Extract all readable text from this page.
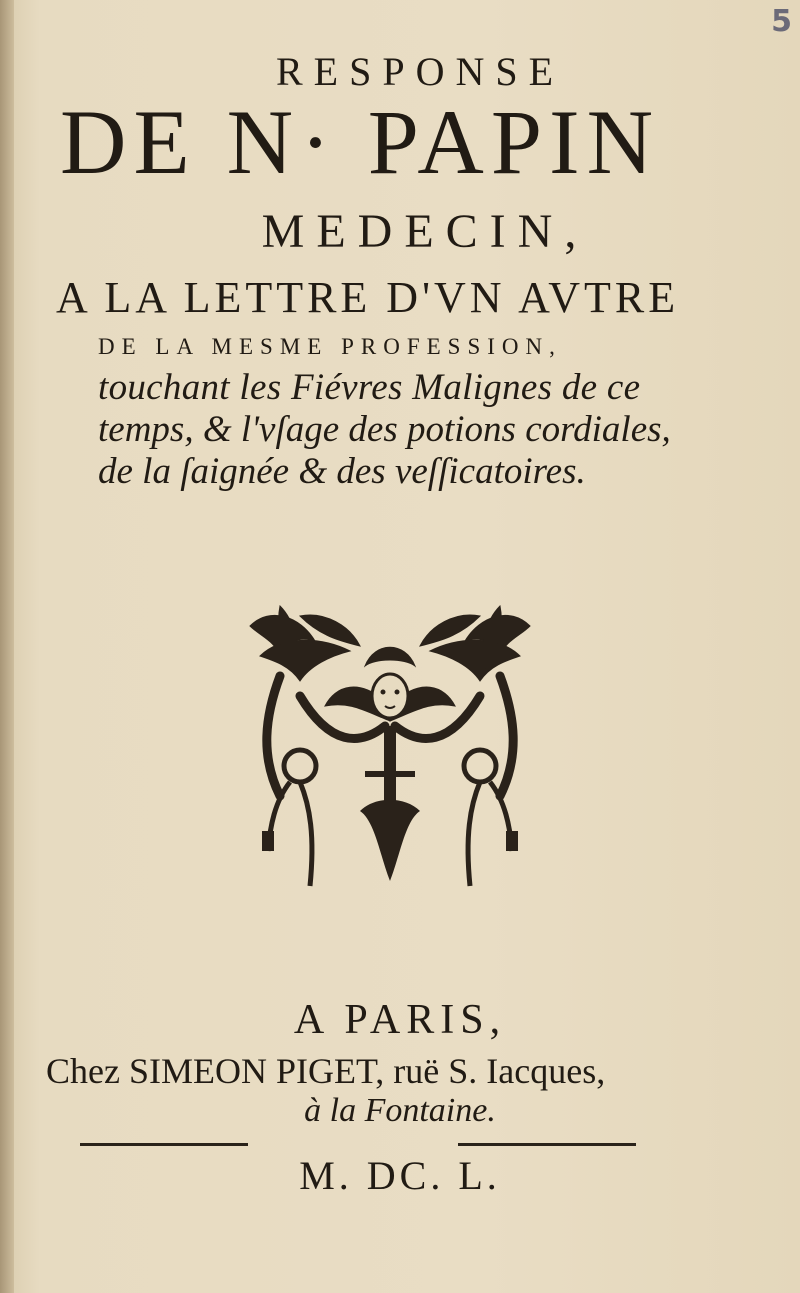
5
RESPONSE
DE N· PAPIN
MEDECIN,
A LA LETTRE D'VN AVTRE
DE LA MESME PROFESSION,
touchant les Fiévres Malignes de ce
temps, & l'vſage des potions cordiales,
de la ſaignée & des veſſicatoires.
A PARIS,
Chez SIMEON PIGET, ruë S. Iacques,
à la Fontaine.
M. DC. L.
